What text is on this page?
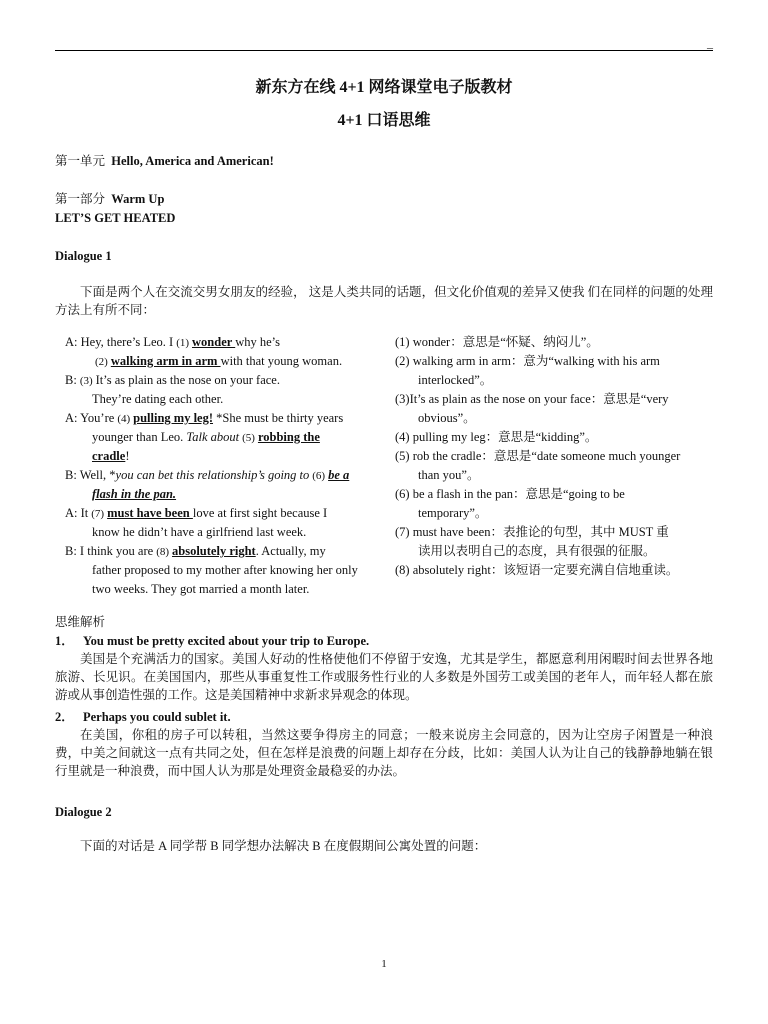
–
新东方在线 4+1 网络课堂电子版教材
4+1 口语思维
第一单元 Hello, America and American!
第一部分 Warm Up
LET’S GET HEATED
Dialogue 1
下面是两个人在交流交男女朋友的经验， 这是人类共同的话题，但文化价值观的差异又使我 们在同样的问题的处理方法上有所不同：
A: Hey, there’s Leo. I (1) wonder why he’s
(2) walking arm in arm with that young woman.
B: (3) It’s as plain as the nose on your face.
They’re dating each other.
A: You’re (4) pulling my leg! *She must be thirty years
younger than Leo. Talk about (5) robbing the
cradle!
B: Well, *you can bet this relationship’s going to (6) be a
flash in the pan.
A: It (7) must have been love at first sight because I
know he didn’t have a girlfriend last week.
B: I think you are (8) absolutely right. Actually, my
father proposed to my mother after knowing her only
two weeks. They got married a month later.
(1) wonder：意思是“怀疑、纳闷儿”。
(2) walking arm in arm：意为“walking with his arm
interlocked”。
(3)It’s as plain as the nose on your face：意思是“very
obvious”。
(4) pulling my leg：意思是“kidding”。
(5) rob the cradle：意思是“date someone much younger
than you”。
(6) be a flash in the pan：意思是“going to be
temporary”。
(7) must have been：表推论的句型，其中 MUST 重
读用以表明自己的态度，具有很强的征服。
(8) absolutely right：该短语一定要充满自信地重读。
思维解析
1． You must be pretty excited about your trip to Europe.
美国是个充满活力的国家。美国人好动的性格使他们不停留于安逸，尤其是学生，都愿意利用闲暇时间去世界各地旅游、长见识。在美国国内，那些从事重复性工作或服务性行业的人多数是外国劳工或美国的老年人，而年轻人都在旅游或从事创造性强的工作。这是美国精神中求新求异观念的体现。
2． Perhaps you could sublet it.
在美国，你租的房子可以转租，当然这要争得房主的同意；一般来说房主会同意的，因为让空房子闲置是一种浪费，中美之间就这一点有共同之处，但在怎样是浪费的问题上却存在分歧，比如：美国人认为让自己的钱静静地躺在银行里就是一种浪费，而中国人认为那是处理资金最稳妥的办法。
Dialogue 2
下面的对话是 A 同学帮 B 同学想办法解决 B 在度假期间公寓处置的问题：
1
